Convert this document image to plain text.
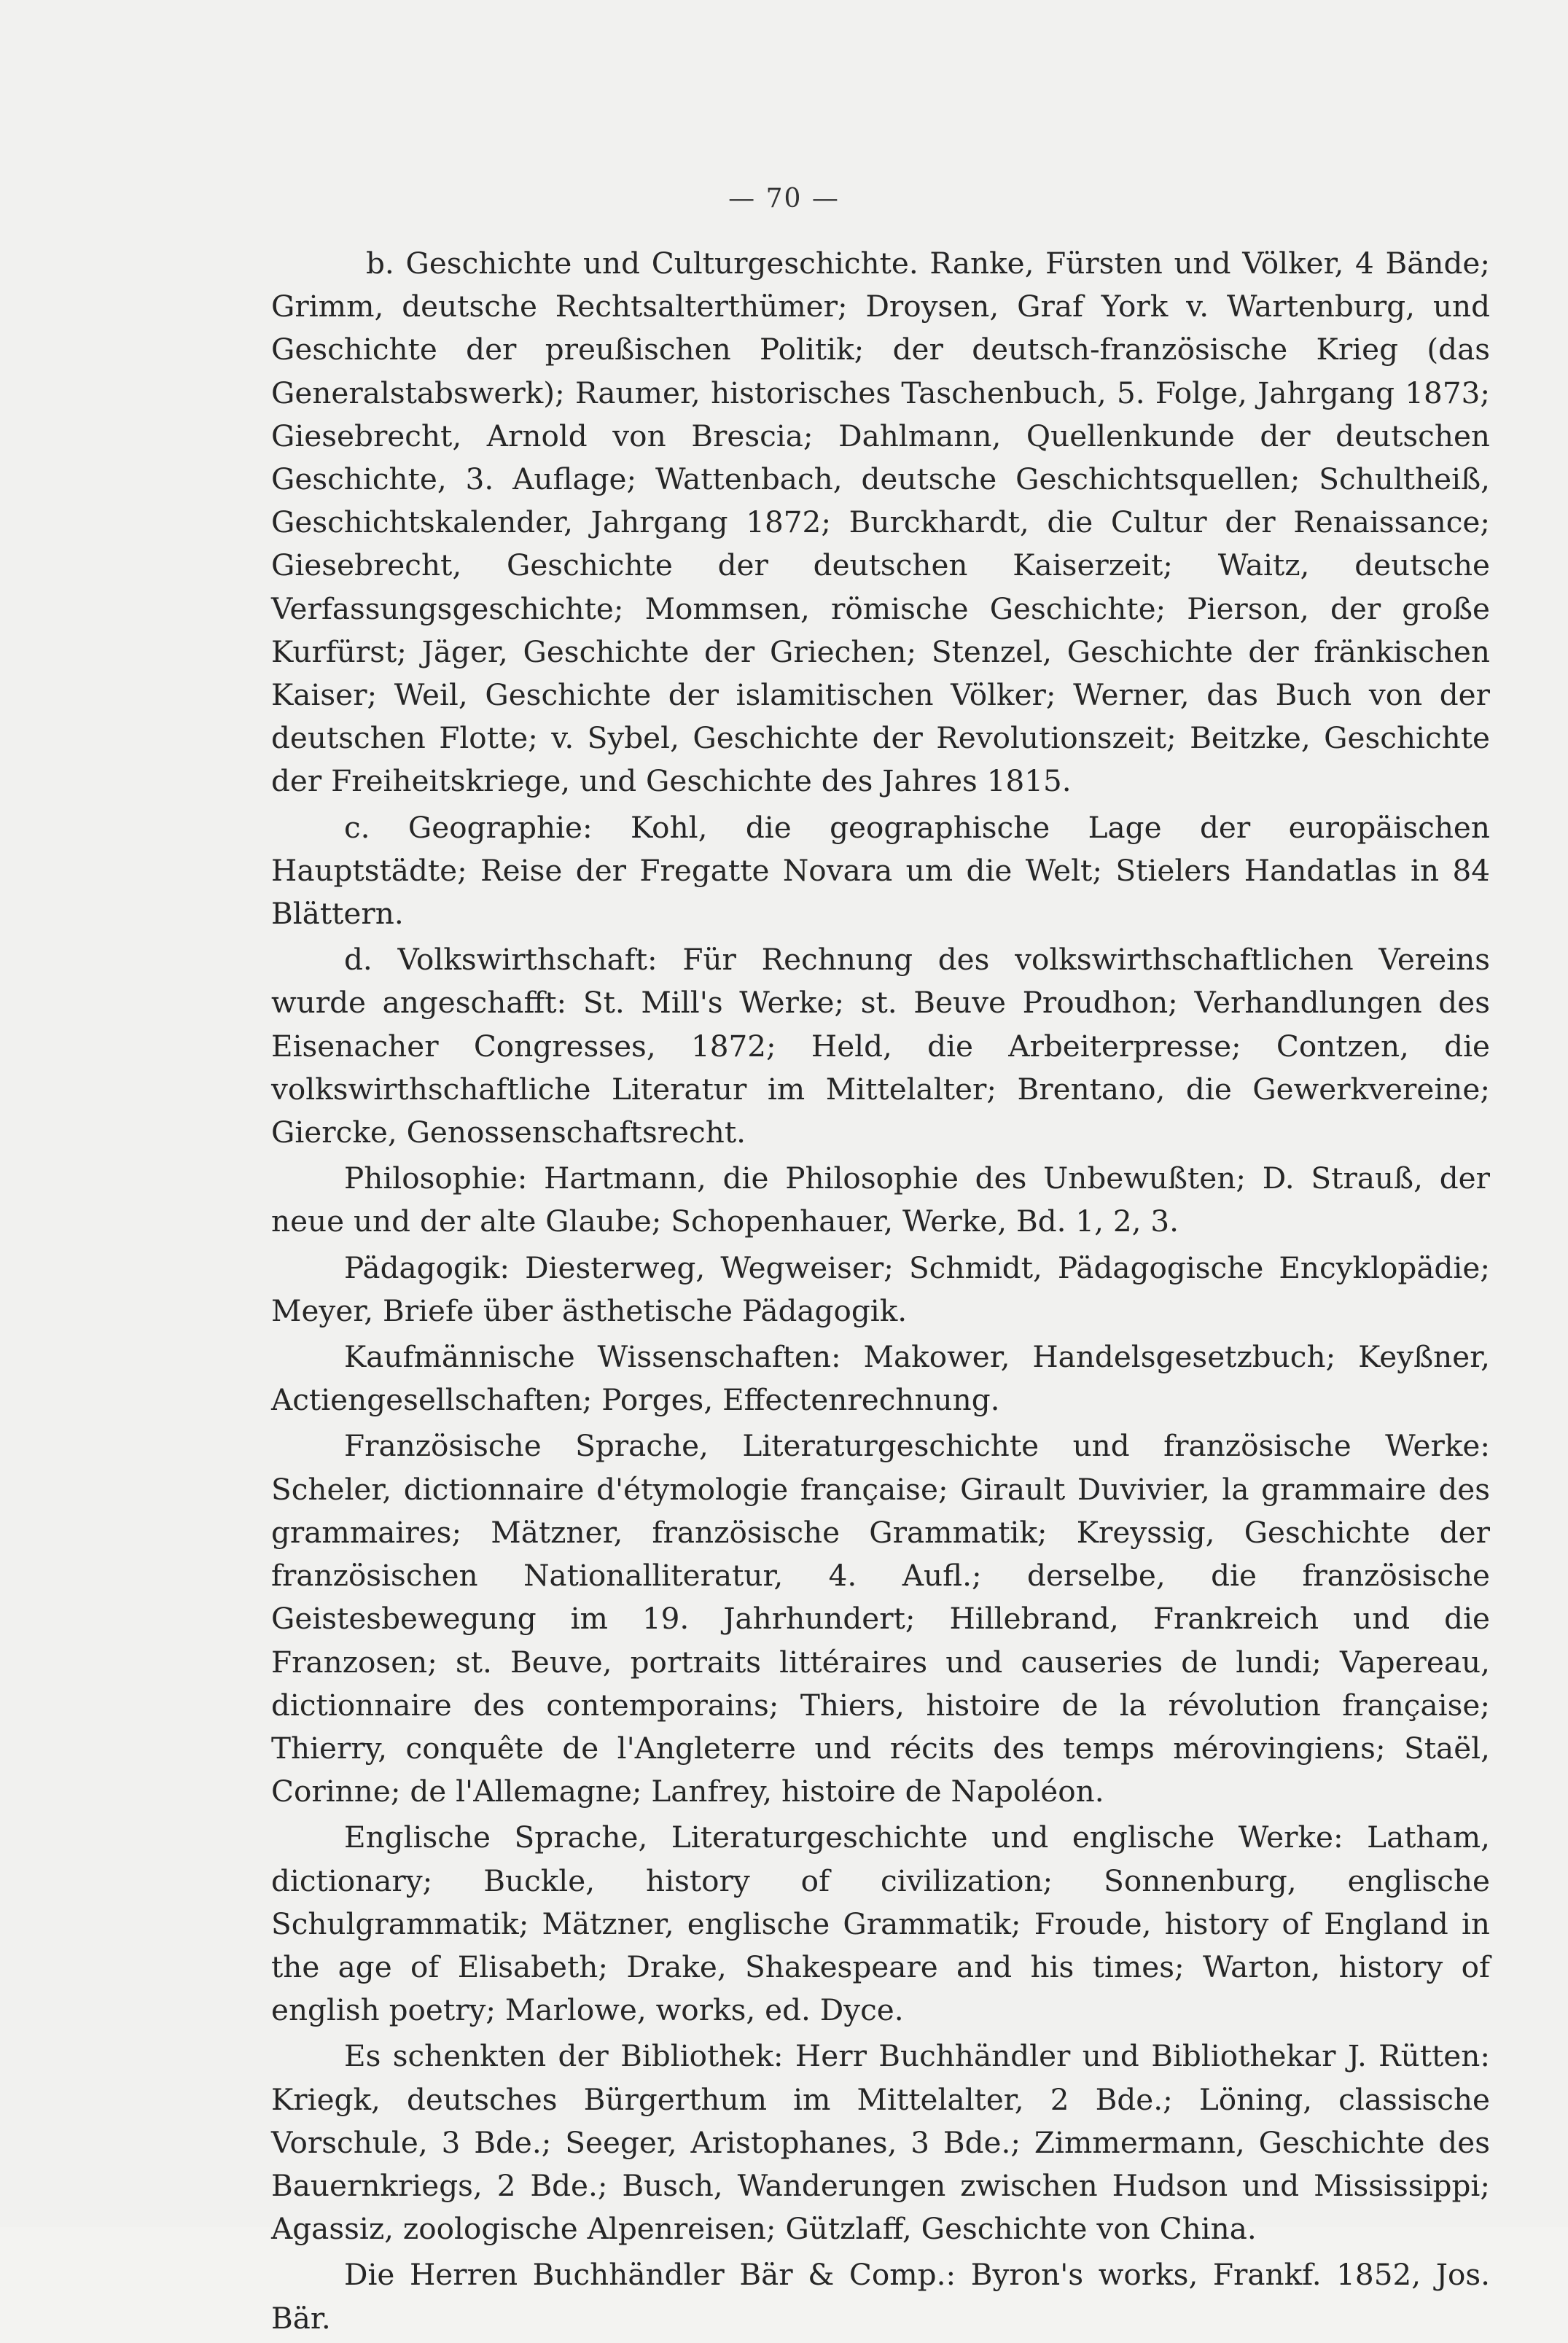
— 70 —

b. Geschichte und Culturgeschichte. Ranke, Fürsten und Völker, 4 Bände; Grimm, deutsche Rechtsalterthümer; Droysen, Graf York v. Wartenburg, und Geschichte der preußischen Politik; der deutsch-französische Krieg (das Generalstabswerk); Raumer, historisches Taschenbuch, 5. Folge, Jahrgang 1873; Giesebrecht, Arnold von Brescia; Dahlmann, Quellenkunde der deutschen Geschichte, 3. Auflage; Wattenbach, deutsche Geschichtsquellen; Schultheiß, Geschichtskalender, Jahrgang 1872; Burckhardt, die Cultur der Renaissance; Giesebrecht, Geschichte der deutschen Kaiserzeit; Waitz, deutsche Verfassungsgeschichte; Mommsen, römische Geschichte; Pierson, der große Kurfürst; Jäger, Geschichte der Griechen; Stenzel, Geschichte der fränkischen Kaiser; Weil, Geschichte der islamitischen Völker; Werner, das Buch von der deutschen Flotte; v. Sybel, Geschichte der Revolutionszeit; Beitzke, Geschichte der Freiheitskriege, und Geschichte des Jahres 1815.

c. Geographie: Kohl, die geographische Lage der europäischen Hauptstädte; Reise der Fregatte Novara um die Welt; Stielers Handatlas in 84 Blättern.

d. Volkswirthschaft: Für Rechnung des volkswirthschaftlichen Vereins wurde angeschafft: St. Mill's Werke; st. Beuve Proudhon; Verhandlungen des Eisenacher Congresses, 1872; Held, die Arbeiterpresse; Contzen, die volkswirthschaftliche Literatur im Mittelalter; Brentano, die Gewerkvereine; Giercke, Genossenschaftsrecht.

Philosophie: Hartmann, die Philosophie des Unbewußten; D. Strauß, der neue und der alte Glaube; Schopenhauer, Werke, Bd. 1, 2, 3.

Pädagogik: Diesterweg, Wegweiser; Schmidt, Pädagogische Encyklopädie; Meyer, Briefe über ästhetische Pädagogik.

Kaufmännische Wissenschaften: Makower, Handelsgesetzbuch; Keyßner, Actiengesellschaften; Porges, Effectenrechnung.

Französische Sprache, Literaturgeschichte und französische Werke: Scheler, dictionnaire d'étymologie française; Girault Duvivier, la grammaire des grammaires; Mätzner, französische Grammatik; Kreyssig, Geschichte der französischen Nationalliteratur, 4. Aufl.; derselbe, die französische Geistesbewegung im 19. Jahrhundert; Hillebrand, Frankreich und die Franzosen; st. Beuve, portraits littéraires und causeries de lundi; Vapereau, dictionnaire des contemporains; Thiers, histoire de la révolution française; Thierry, conquête de l'Angleterre und récits des temps mérovingiens; Staël, Corinne; de l'Allemagne; Lanfrey, histoire de Napoléon.

Englische Sprache, Literaturgeschichte und englische Werke: Latham, dictionary; Buckle, history of civilization; Sonnenburg, englische Schulgrammatik; Mätzner, englische Grammatik; Froude, history of England in the age of Elisabeth; Drake, Shakespeare and his times; Warton, history of english poetry; Marlowe, works, ed. Dyce.

Es schenkten der Bibliothek: Herr Buchhändler und Bibliothekar J. Rütten: Kriegk, deutsches Bürgerthum im Mittelalter, 2 Bde.; Löning, classische Vorschule, 3 Bde.; Seeger, Aristophanes, 3 Bde.; Zimmermann, Geschichte des Bauernkriegs, 2 Bde.; Busch, Wanderungen zwischen Hudson und Mississippi; Agassiz, zoologische Alpenreisen; Gützlaff, Geschichte von China.

Die Herren Buchhändler Bär & Comp.: Byron's works, Frankf. 1852, Jos. Bär.
